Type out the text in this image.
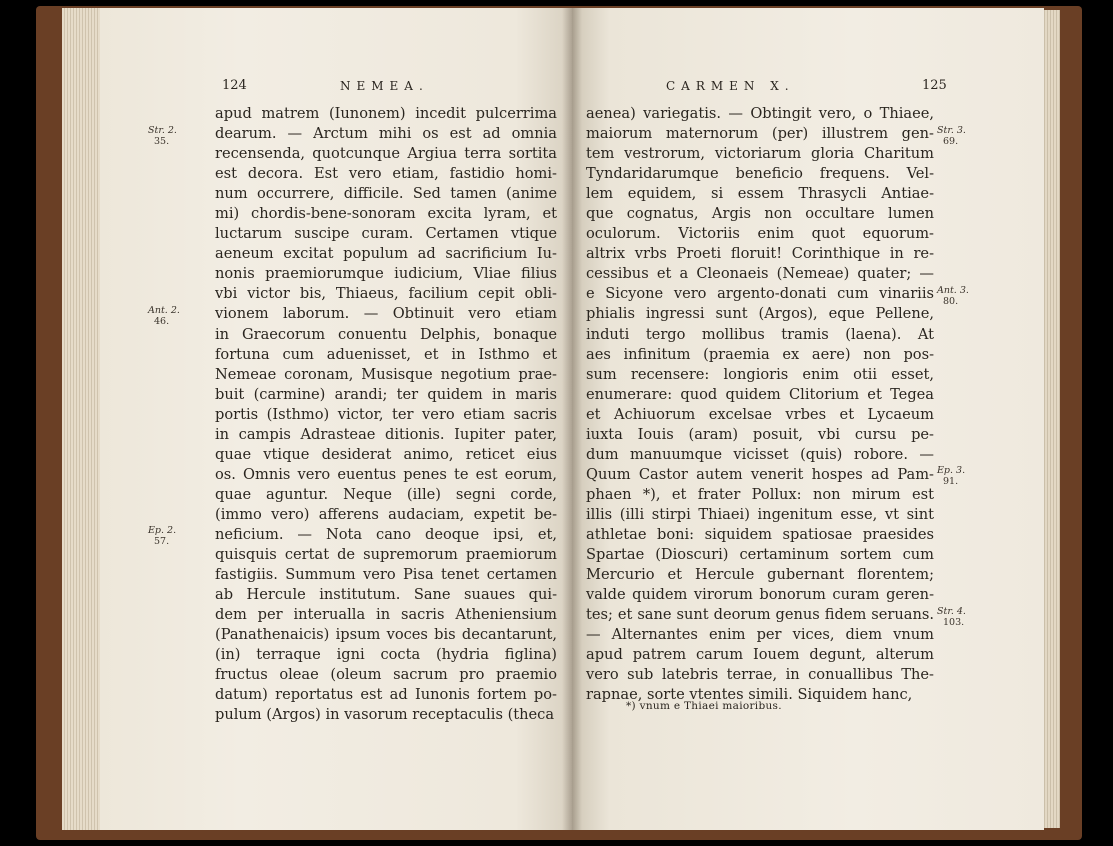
124	NEMEA.
apud matrem (Iunonem) incedit pulcerrima
dearum. — Arctum mihi os est ad omnia
recensenda, quotcunque Argiua terra sortita
est decora. Est vero etiam, fastidio homi-
num occurrere, difficile. Sed tamen (anime
mi) chordis-bene-sonoram excita lyram, et
luctarum suscipe curam. Certamen vtique
aeneum excitat populum ad sacrificium Iu-
nonis praemiorumque iudicium, Vliae filius
vbi victor bis, Thiaeus, facilium cepit obli-
vionem laborum. — Obtinuit vero etiam
in Graecorum conuentu Delphis, bonaque
fortuna cum aduenisset, et in Isthmo et
Nemeae coronam, Musisque negotium prae-
buit (carmine) arandi; ter quidem in maris
portis (Isthmo) victor, ter vero etiam sacris
in campis Adrasteae ditionis. Iupiter pater,
quae vtique desiderat animo, reticet eius
os. Omnis vero euentus penes te est eorum,
quae aguntur. Neque (ille) segni corde,
(immo vero) afferens audaciam, expetit be-
neficium. — Nota cano deoque ipsi, et,
quisquis certat de supremorum praemiorum
fastigiis. Summum vero Pisa tenet certamen
ab Hercule institutum. Sane suaues qui-
dem per interualla in sacris Atheniensium
(Panathenaicis) ipsum voces bis decantarunt,
(in) terraque igni cocta (hydria figlina)
fructus oleae (oleum sacrum pro praemio
datum) reportatus est ad Iunonis fortem po-
pulum (Argos) in vasorum receptaculis (theca
Str. 2.
35.
Ant. 2.
46.
Ep. 2.
57.
CARMEN X.	125
aenea) variegatis. — Obtingit vero, o Thiaee,
maiorum maternorum (per) illustrem gen-
tem vestrorum, victoriarum gloria Charitum
Tyndaridarumque beneficio frequens. Vel-
lem equidem, si essem Thrasycli Antiae-
que cognatus, Argis non occultare lumen
oculorum. Victoriis enim quot equorum-
altrix vrbs Proeti floruit! Corinthique in re-
cessibus et a Cleonaeis (Nemeae) quater; —
e Sicyone vero argento-donati cum vinariis
phialis ingressi sunt (Argos), eque Pellene,
induti tergo mollibus tramis (laena). At
aes infinitum (praemia ex aere) non pos-
sum recensere: longioris enim otii esset,
enumerare: quod quidem Clitorium et Tegea
et Achiuorum excelsae vrbes et Lycaeum
iuxta Iouis (aram) posuit, vbi cursu pe-
dum manuumque vicisset (quis) robore. —
Quum Castor autem venerit hospes ad Pam-
phaen *), et frater Pollux: non mirum est
illis (illi stirpi Thiaei) ingenitum esse, vt sint
athletae boni: siquidem spatiosae praesides
Spartae (Dioscuri) certaminum sortem cum
Mercurio et Hercule gubernant florentem;
valde quidem virorum bonorum curam geren-
tes; et sane sunt deorum genus fidem seruans.
— Alternantes enim per vices, diem vnum
apud patrem carum Iouem degunt, alterum
vero sub latebris terrae, in conuallibus The-
rapnae, sorte vtentes simili. Siquidem hanc,
Str. 3.
69.
Ant. 3.
80.
Ep. 3.
91.
Str. 4.
103.
*) vnum e Thiaei maioribus.
